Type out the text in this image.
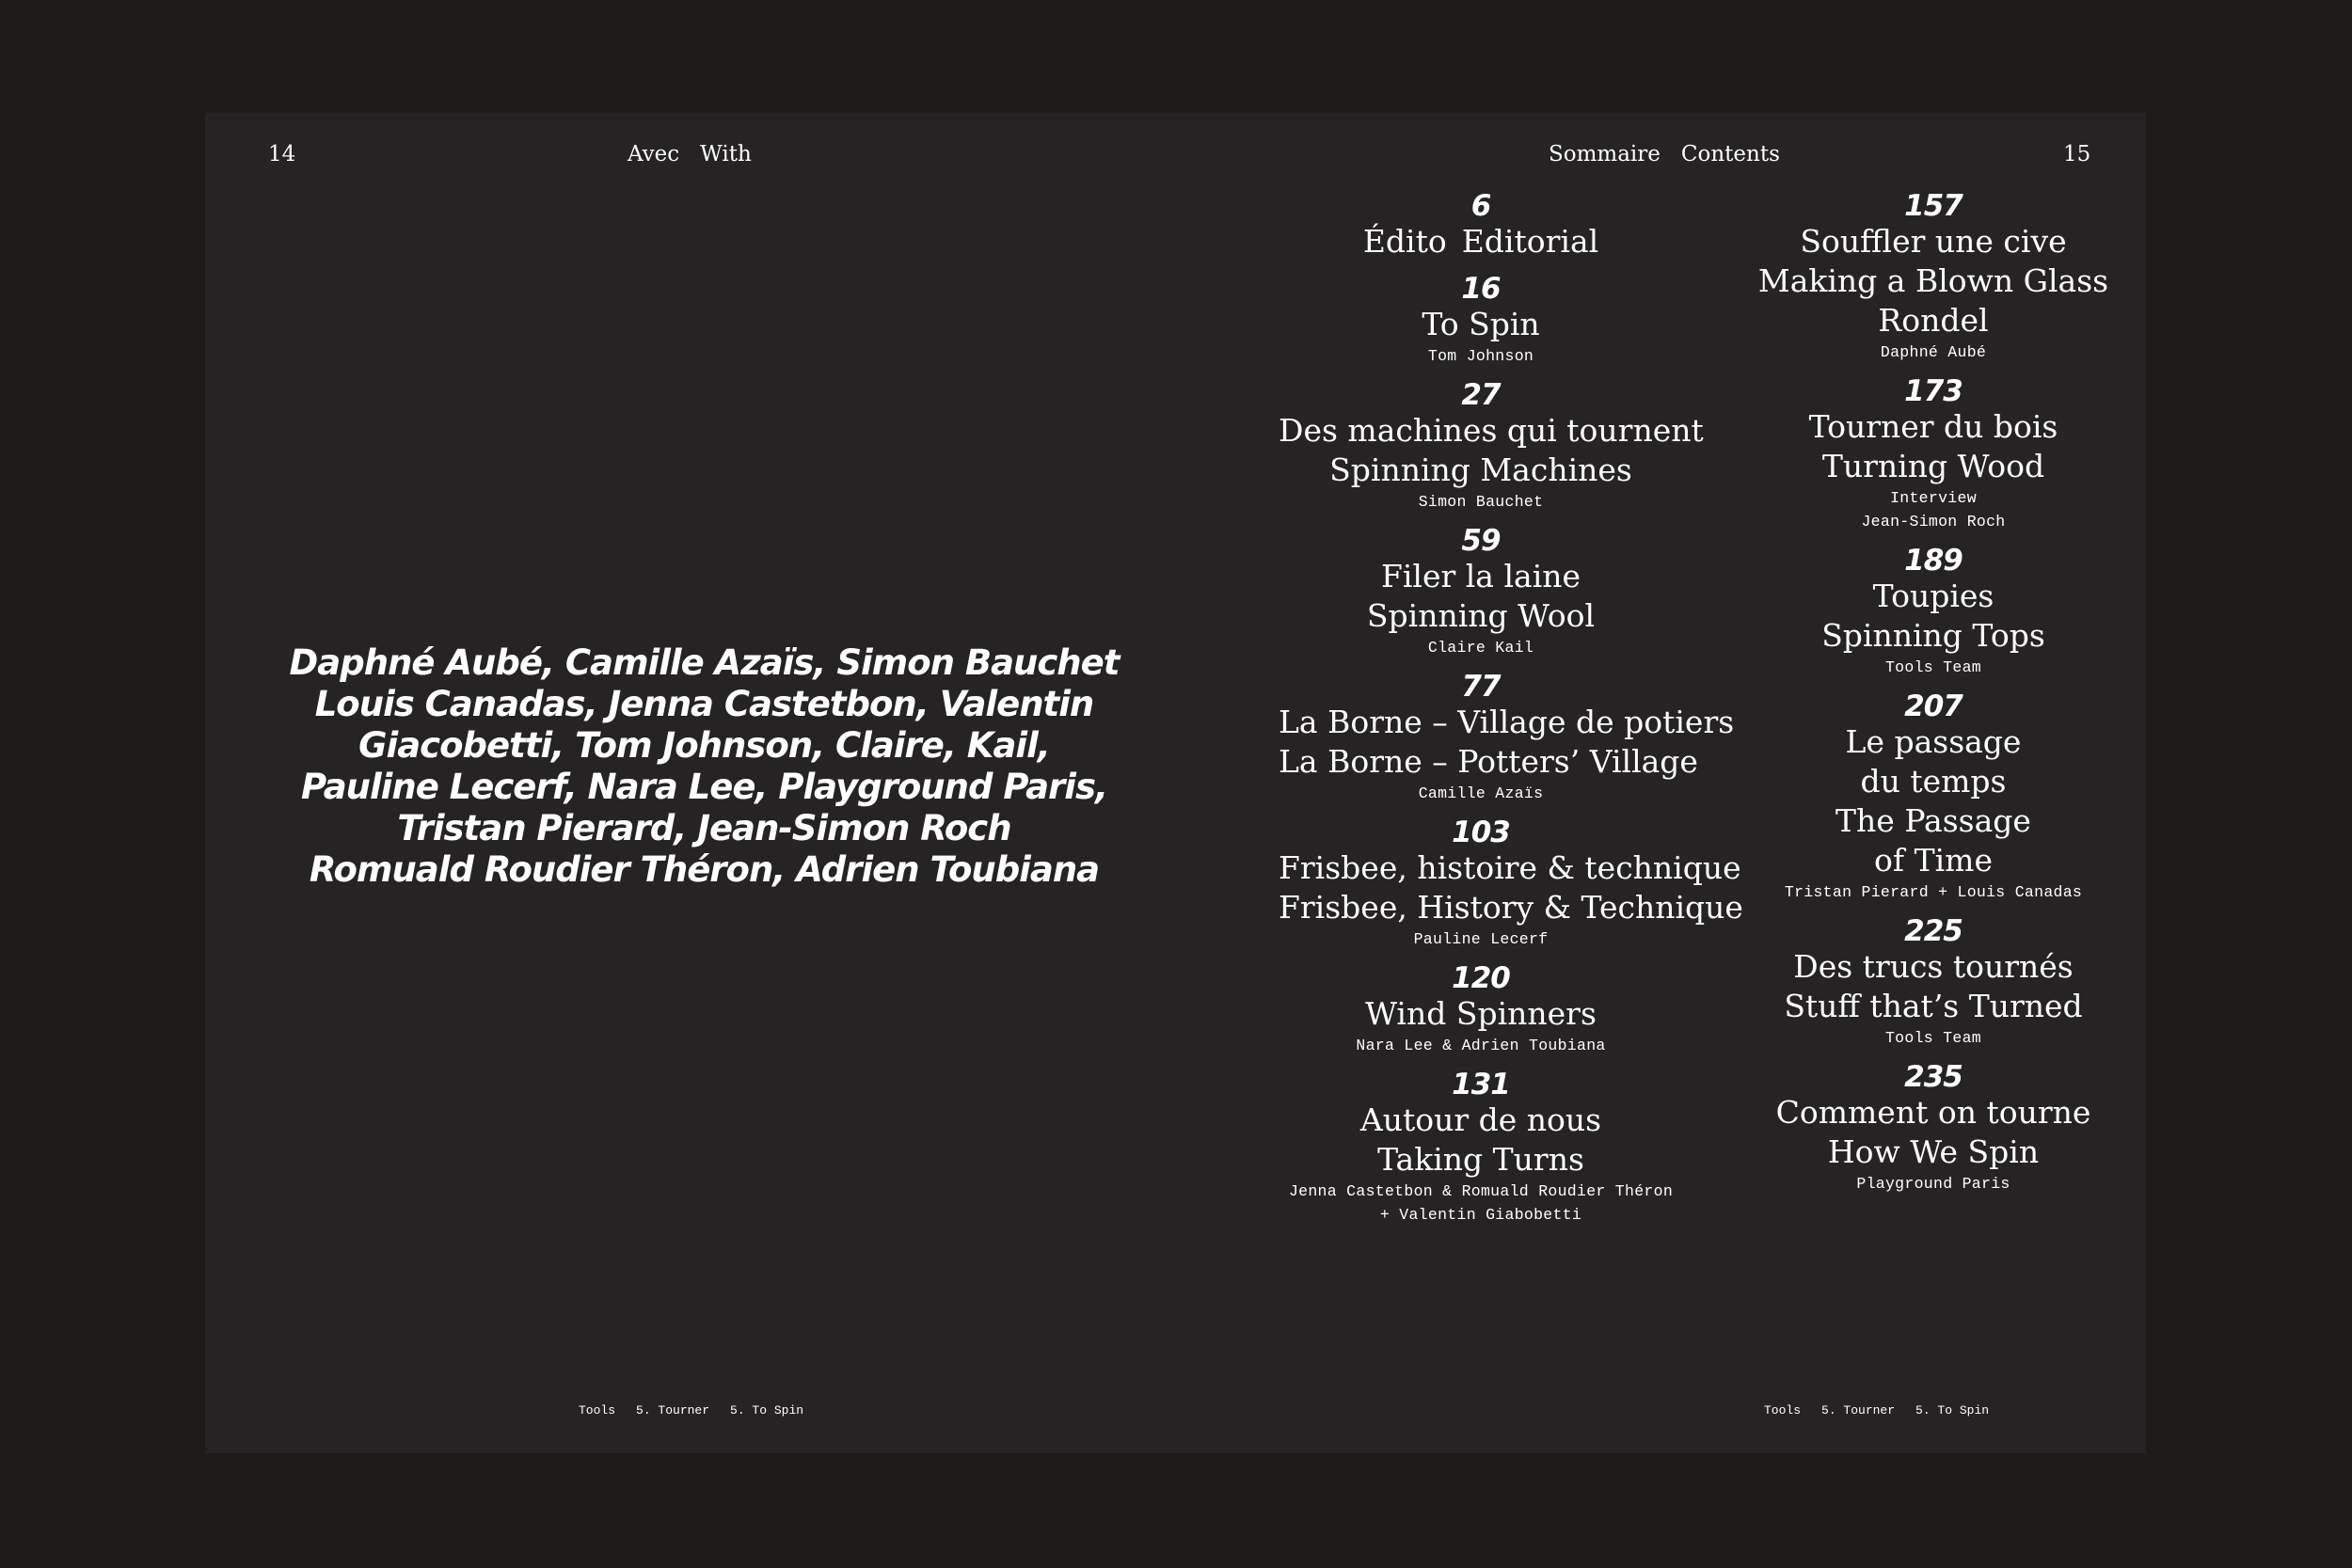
14	Avec With
Daphné Aubé, Camille Azaïs, Simon Bauchet
Louis Canadas, Jenna Castetbon, Valentin
Giacobetti, Tom Johnson, Claire, Kail,
Pauline Lecerf, Nara Lee, Playground Paris,
Tristan Pierard, Jean-Simon Roch
Romuald Roudier Théron, Adrien Toubiana
Tools 5. Tourner 5. To Spin
Sommaire Contents	15
6
Édito Editorial
16
To Spin
Tom Johnson
27
Des machines qui tournent
Spinning Machines
Simon Bauchet
59
Filer la laine
Spinning Wool
Claire Kail
77
La Borne – Village de potiers
La Borne – Potters’ Village
Camille Azaïs
103
Frisbee, histoire & technique
Frisbee, History & Technique
Pauline Lecerf
120
Wind Spinners
Nara Lee & Adrien Toubiana
131
Autour de nous
Taking Turns
Jenna Castetbon & Romuald Roudier Théron
+ Valentin Giabobetti
157
Souffler une cive
Making a Blown Glass
Rondel
Daphné Aubé
173
Tourner du bois
Turning Wood
Interview
Jean-Simon Roch
189
Toupies
Spinning Tops
Tools Team
207
Le passage
du temps
The Passage
of Time
Tristan Pierard + Louis Canadas
225
Des trucs tournés
Stuff that’s Turned
Tools Team
235
Comment on tourne
How We Spin
Playground Paris
Tools 5. Tourner 5. To Spin
